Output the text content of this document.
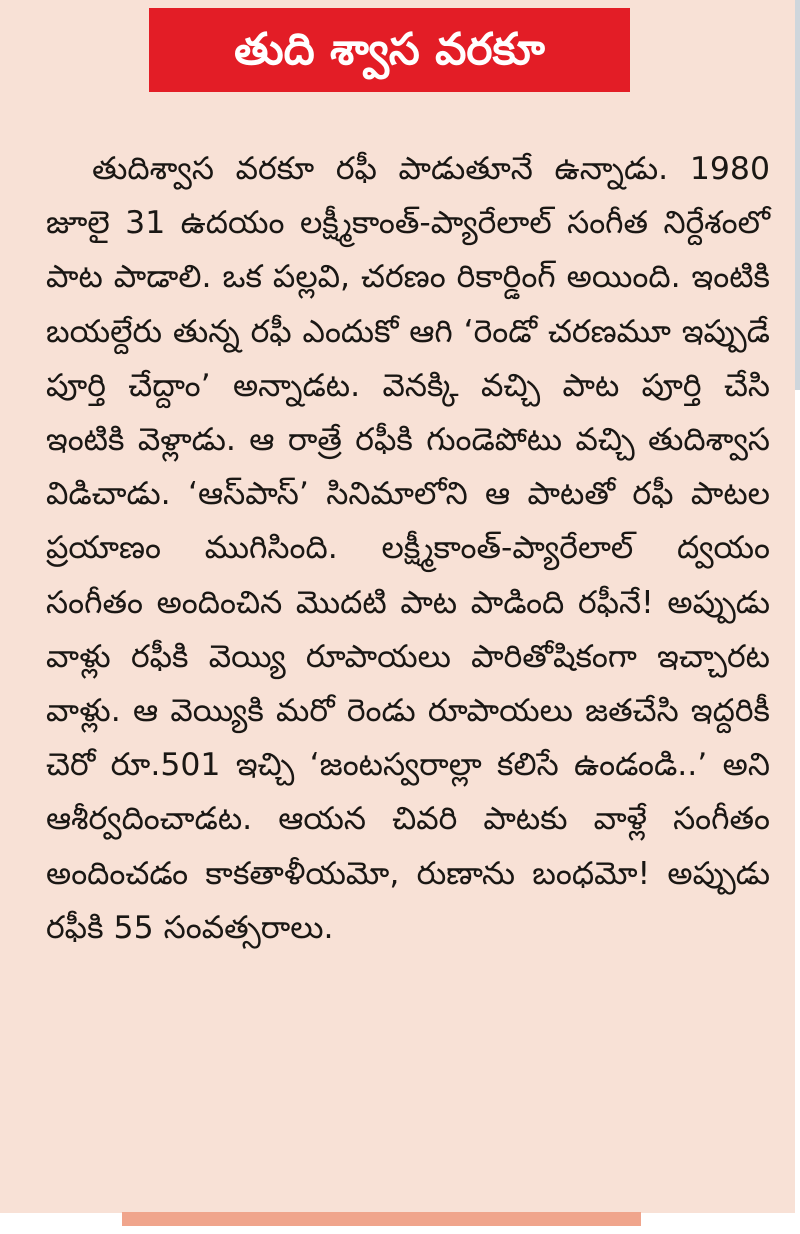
తుది శ్వాస వరకూ

తుదిశ్వాస వరకూ రఫీ పాడుతూనే ఉన్నాడు. 1980 జూలై 31 ఉదయం లక్ష్మీకాంత్-ప్యారేలాల్ సంగీత నిర్దేశంలో పాట పాడాలి. ఒక పల్లవి, చరణం రికార్డింగ్ అయింది. ఇంటికి బయల్దేరు తున్న రఫీ ఎందుకో ఆగి ‘రెండో చరణమూ ఇప్పుడే పూర్తి చేద్దాం’ అన్నాడట. వెనక్కి వచ్చి పాట పూర్తి చేసి ఇంటికి వెళ్లాడు. ఆ రాత్రే రఫీకి గుండెపోటు వచ్చి తుదిశ్వాస విడిచాడు. ‘ఆస్‌పాస్’ సినిమాలోని ఆ పాటతో రఫీ పాటల ప్రయాణం ముగిసింది. లక్ష్మీకాంత్-ప్యారేలాల్ ద్వయం సంగీతం అందించిన మొదటి పాట పాడింది రఫీనే! అప్పుడు వాళ్లు రఫీకి వెయ్యి రూపాయలు పారితోషికంగా ఇచ్చారట వాళ్లు. ఆ వెయ్యికి మరో రెండు రూపాయలు జతచేసి ఇద్దరికీ చెరో రూ.501 ఇచ్చి ‘జంటస్వరాల్లా కలిసే ఉండండి..’ అని ఆశీర్వదించాడట. ఆయన చివరి పాటకు వాళ్లే సంగీతం అందించడం కాకతాళీయమో, రుణాను బంధమో! అప్పుడు రఫీకి 55 సంవత్సరాలు.
